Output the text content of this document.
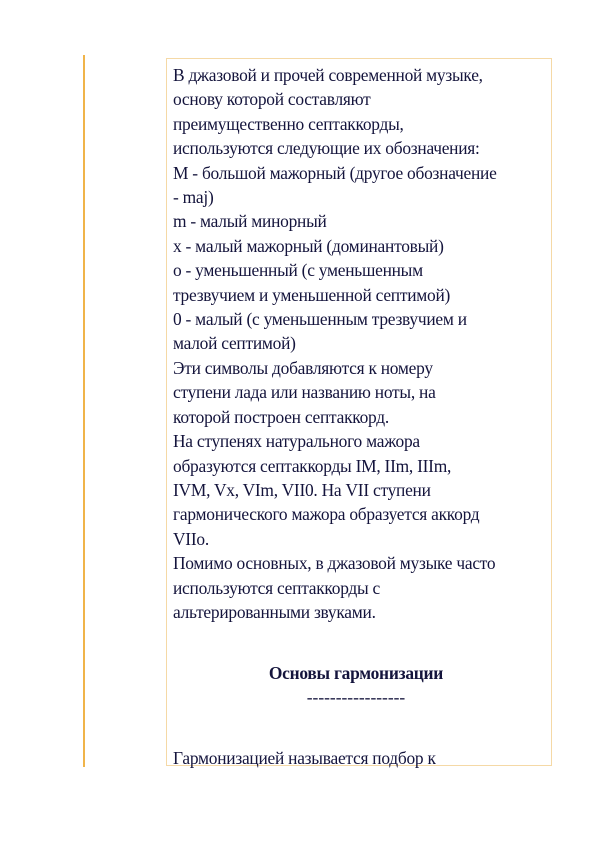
В джазовой и прочей современной музыке,

основу которой составляют

преимущественно септаккорды,

используются следующие их обозначения:

M - большой мажорный (другое обозначение

- maj)

m - малый минорный

x - малый мажорный (доминантовый)

o - уменьшенный (с уменьшенным

трезвучием и уменьшенной септимой)

0 - малый (с уменьшенным трезвучием и

малой септимой)

Эти символы добавляются к номеру

ступени лада или названию ноты, на

которой построен септаккорд.

На ступенях натурального мажора

образуются септаккорды IM, IIm, IIIm,

IVM, Vx, VIm, VII0. На VII ступени

гармонического мажора образуется аккорд

VIIo.

Помимо основных, в джазовой музыке часто

используются септаккорды с

альтерированными звуками.

Основы гармонизации

-----------------

Гармонизацией называется подбор к
